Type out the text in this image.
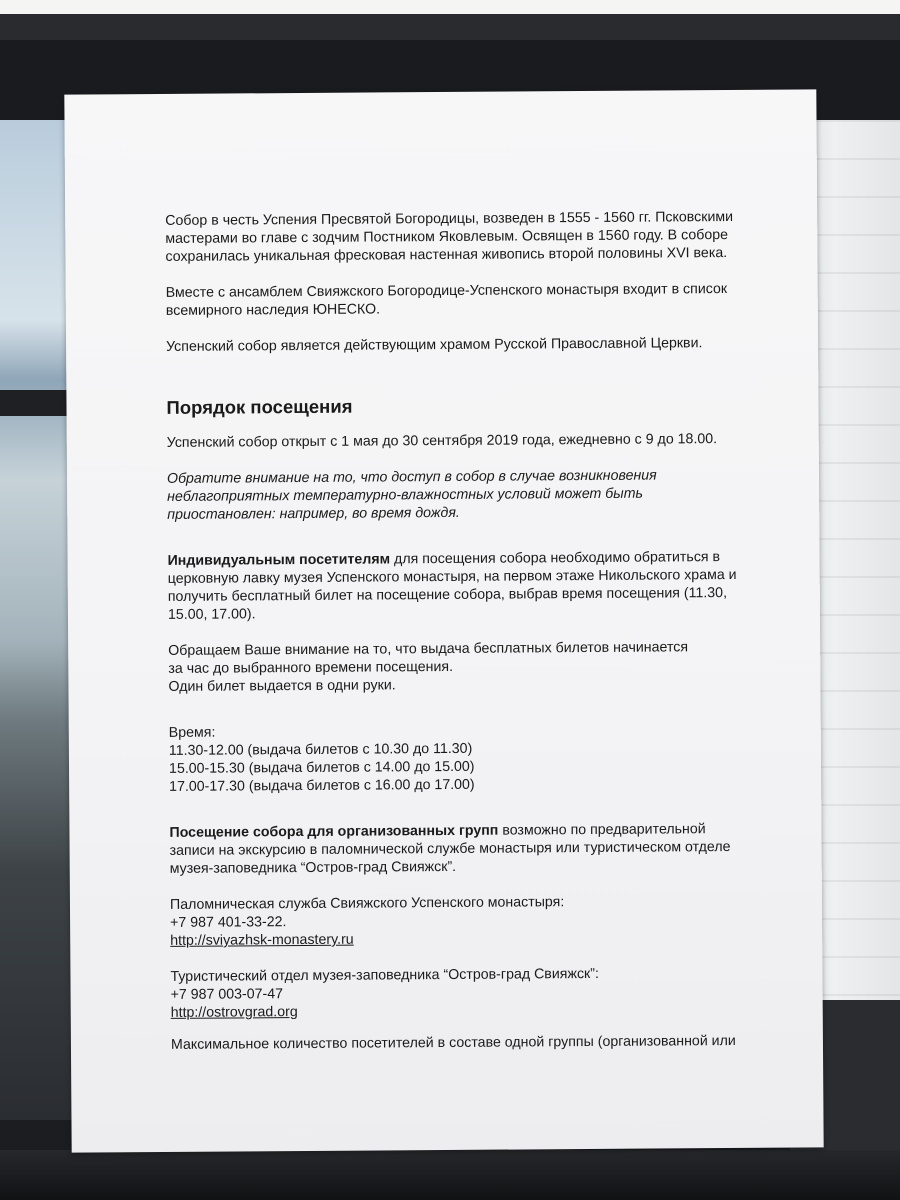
Собор в честь Успения Пресвятой Богородицы, возведен в 1555 - 1560 гг. Псковскими
мастерами во главе с зодчим Постником Яковлевым. Освящен в 1560 году. В соборе
сохранилась уникальная фресковая настенная живопись второй половины XVI века.

Вместе с ансамблем Свияжского Богородице-Успенского монастыря входит в список
всемирного наследия ЮНЕСКО.

Успенский собор является действующим храмом Русской Православной Церкви.

Порядок посещения

Успенский собор открыт с 1 мая до 30 сентября 2019 года, ежедневно с 9 до 18.00.

Обратите внимание на то, что доступ в собор в случае возникновения
неблагоприятных температурно-влажностных условий может быть
приостановлен: например, во время дождя.

Индивидуальным посетителям для посещения собора необходимо обратиться в
церковную лавку музея Успенского монастыря, на первом этаже Никольского храма и
получить бесплатный билет на посещение собора, выбрав время посещения (11.30,
15.00, 17.00).

Обращаем Ваше внимание на то, что выдача бесплатных билетов начинается
за час до выбранного времени посещения.
Один билет выдается в одни руки.

Время:
11.30-12.00 (выдача билетов с 10.30 до 11.30)
15.00-15.30 (выдача билетов с 14.00 до 15.00)
17.00-17.30 (выдача билетов с 16.00 до 17.00)

Посещение собора для организованных групп возможно по предварительной
записи на экскурсию в паломнической службе монастыря или туристическом отделе
музея-заповедника “Остров-град Свияжск”.

Паломническая служба Свияжского Успенского монастыря:
+7 987 401-33-22.
http://sviyazhsk-monastery.ru

Туристический отдел музея-заповедника “Остров-град Свияжск”:
+7 987 003-07-47
http://ostrovgrad.org

Максимальное количество посетителей в составе одной группы (организованной или
